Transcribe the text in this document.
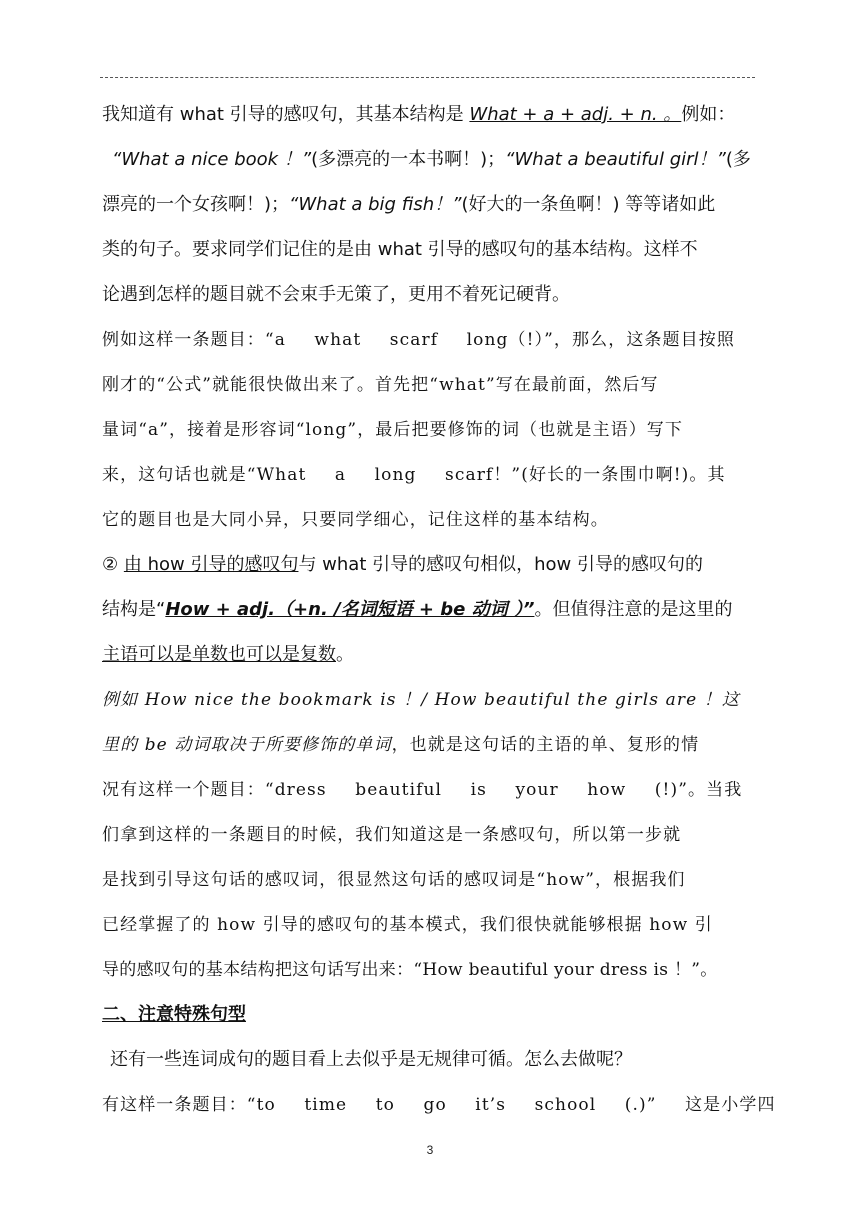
我知道有 what 引导的感叹句，其基本结构是 What + a + adj. + n. 。例如：
“What a nice book ！”(多漂亮的一本书啊！)；“What a beautiful girl！”(多
漂亮的一个女孩啊！)；“What a big fish！”(好大的一条鱼啊！) 等等诸如此
类的句子。要求同学们记住的是由 what 引导的感叹句的基本结构。这样不
论遇到怎样的题目就不会束手无策了，更用不着死记硬背。
例如这样一条题目：“a what scarf long（!）”，那么，这条题目按照
刚才的“公式”就能很快做出来了。首先把“what”写在最前面，然后写
量词“a”，接着是形容词“long”，最后把要修饰的词（也就是主语）写下
来，这句话也就是“What a long scarf！”(好长的一条围巾啊!)。其
它的题目也是大同小异，只要同学细心，记住这样的基本结构。
② 由 how 引导的感叹句与 what 引导的感叹句相似，how 引导的感叹句的
结构是“How + adj.（+n. /名词短语 + be 动词 ）”。但值得注意的是这里的
主语可以是单数也可以是复数。
例如 How nice the bookmark is ！/ How beautiful the girls are ！这
里的 be 动词取决于所要修饰的单词，也就是这句话的主语的单、复形的情
况有这样一个题目：“dress beautiful is your how (!)”。当我
们拿到这样的一条题目的时候，我们知道这是一条感叹句，所以第一步就
是找到引导这句话的感叹词，很显然这句话的感叹词是“how”，根据我们
已经掌握了的 how 引导的感叹句的基本模式，我们很快就能够根据 how 引
导的感叹句的基本结构把这句话写出来：“How beautiful your dress is ！”。
二、注意特殊句型
还有一些连词成句的题目看上去似乎是无规律可循。怎么去做呢？
有这样一条题目：“to time to go it’s school (.)” 这是小学四
3
